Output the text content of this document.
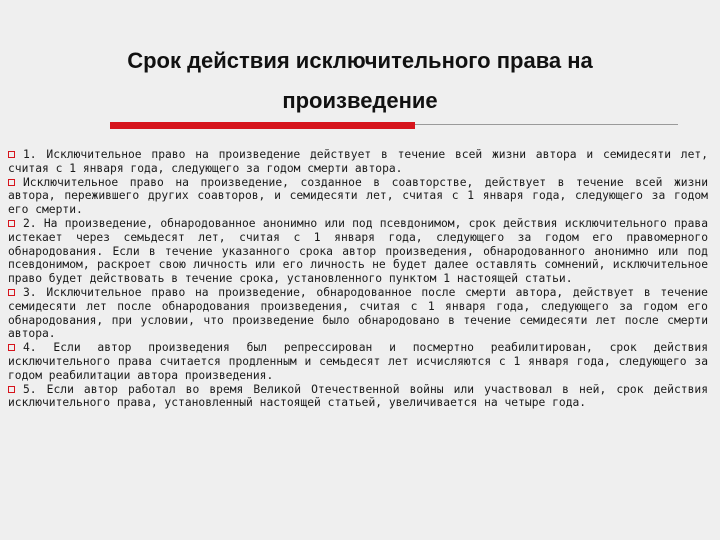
Срок действия исключительного права на
произведение

1. Исключительное право на произведение действует в течение всей жизни автора и семидесяти лет, считая с 1 января года, следующего за годом смерти автора.

Исключительное право на произведение, созданное в соавторстве, действует в течение всей жизни автора, пережившего других соавторов, и семидесяти лет, считая с 1 января года, следующего за годом его смерти.

2. На произведение, обнародованное анонимно или под псевдонимом, срок действия исключительного права истекает через семьдесят лет, считая с 1 января года, следующего за годом его правомерного обнародования. Если в течение указанного срока автор произведения, обнародованного анонимно или под псевдонимом, раскроет свою личность или его личность не будет далее оставлять сомнений, исключительное право будет действовать в течение срока, установленного пунктом 1 настоящей статьи.

3. Исключительное право на произведение, обнародованное после смерти автора, действует в течение семидесяти лет после обнародования произведения, считая с 1 января года, следующего за годом его обнародования, при условии, что произведение было обнародовано в течение семидесяти лет после смерти автора.

4. Если автор произведения был репрессирован и посмертно реабилитирован, срок действия исключительного права считается продленным и семьдесят лет исчисляются с 1 января года, следующего за годом реабилитации автора произведения.

5. Если автор работал во время Великой Отечественной войны или участвовал в ней, срок действия исключительного права, установленный настоящей статьей, увеличивается на четыре года.
